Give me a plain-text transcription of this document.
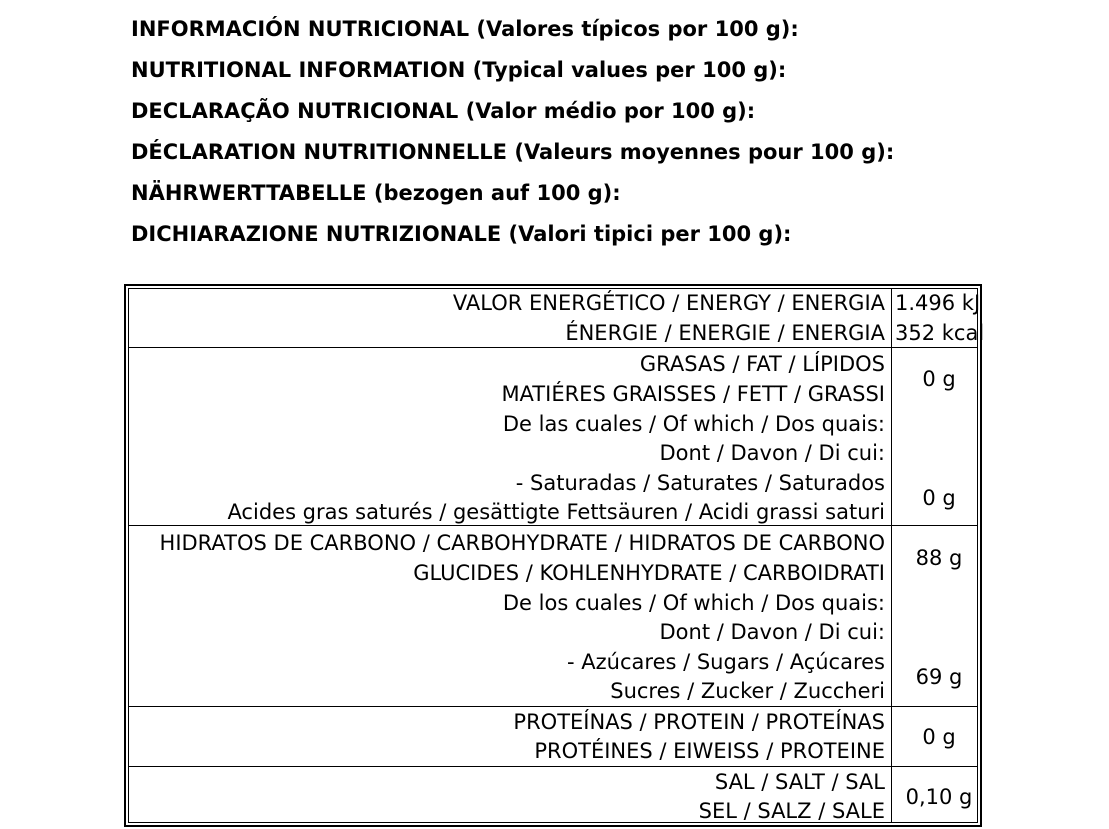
INFORMACIÓN NUTRICIONAL (Valores típicos por 100 g):
NUTRITIONAL INFORMATION (Typical values per 100 g):
DECLARAÇÃO NUTRICIONAL (Valor médio por 100 g):
DÉCLARATION NUTRITIONNELLE (Valeurs moyennes pour 100 g):
NÄHRWERTTABELLE (bezogen auf 100 g):
DICHIARAZIONE NUTRIZIONALE (Valori tipici per 100 g):
VALOR ENERGÉTICO / ENERGY / ENERGIA
ÉNERGIE / ENERGIE / ENERGIA
1.496 kJ
352 kcal
GRASAS / FAT / LÍPIDOS
MATIÉRES GRAISSES / FETT / GRASSI
0 g
De las cuales / Of which / Dos quais:
Dont / Davon / Di cui:
- Saturadas / Saturates / Saturados
Acides gras saturés / gesättigte Fettsäuren / Acidi grassi saturi
0 g
HIDRATOS DE CARBONO / CARBOHYDRATE / HIDRATOS DE CARBONO
GLUCIDES / KOHLENHYDRATE / CARBOIDRATI
88 g
De los cuales / Of which / Dos quais:
Dont / Davon / Di cui:
- Azúcares / Sugars / Açúcares
Sucres / Zucker / Zuccheri
69 g
PROTEÍNAS / PROTEIN / PROTEÍNAS
PROTÉINES / EIWEISS / PROTEINE
0 g
SAL / SALT / SAL
SEL / SALZ / SALE
0,10 g
